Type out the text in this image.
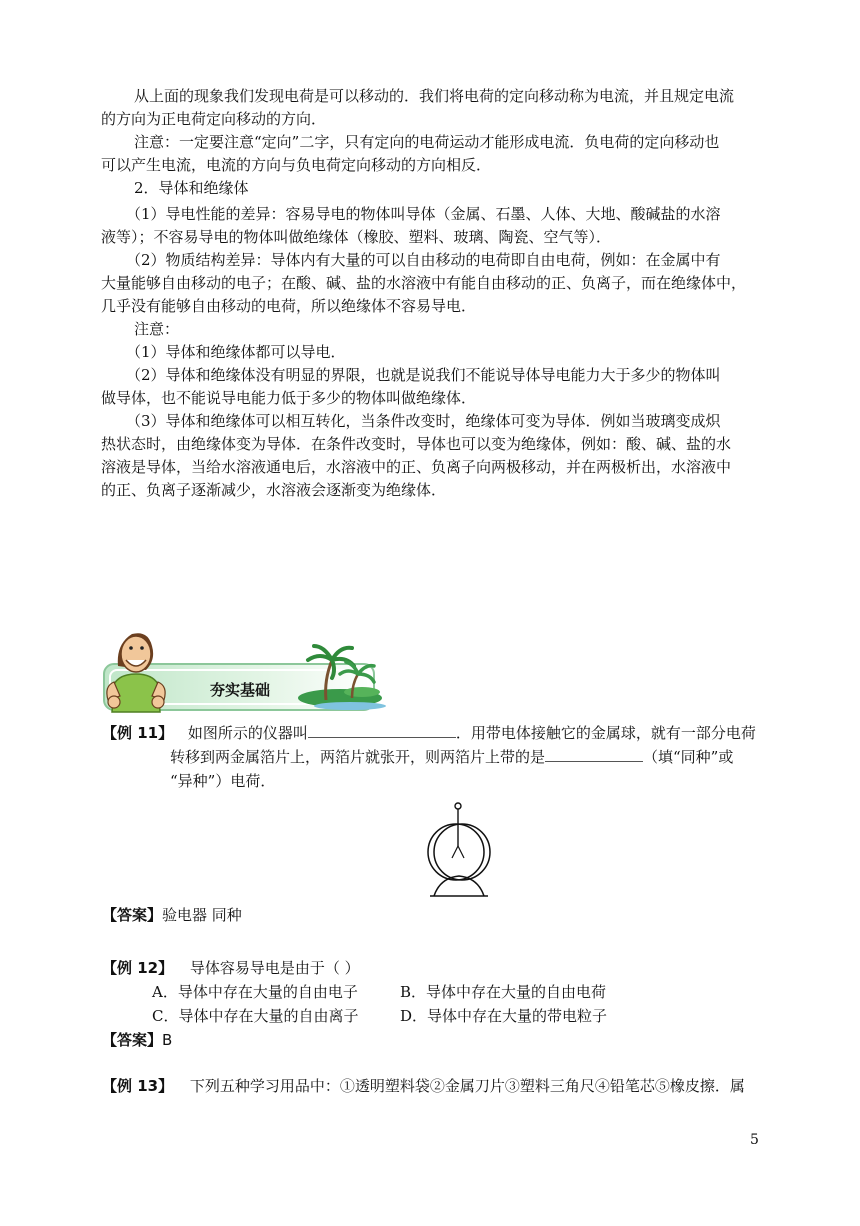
从上面的现象我们发现电荷是可以移动的．我们将电荷的定向移动称为电流，并且规定电流
的方向为正电荷定向移动的方向．
注意：一定要注意“定向”二字，只有定向的电荷运动才能形成电流．负电荷的定向移动也
可以产生电流，电流的方向与负电荷定向移动的方向相反．
2．导体和绝缘体
（1）导电性能的差异：容易导电的物体叫导体（金属、石墨、人体、大地、酸碱盐的水溶
液等）；不容易导电的物体叫做绝缘体（橡胶、塑料、玻璃、陶瓷、空气等）．
（2）物质结构差异：导体内有大量的可以自由移动的电荷即自由电荷，例如：在金属中有
大量能够自由移动的电子；在酸、碱、盐的水溶液中有能自由移动的正、负离子，而在绝缘体中，
几乎没有能够自由移动的电荷，所以绝缘体不容易导电．
注意：
（1）导体和绝缘体都可以导电．
（2）导体和绝缘体没有明显的界限，也就是说我们不能说导体导电能力大于多少的物体叫
做导体，也不能说导电能力低于多少的物体叫做绝缘体．
（3）导体和绝缘体可以相互转化，当条件改变时，绝缘体可变为导体．例如当玻璃变成炽
热状态时，由绝缘体变为导体．在条件改变时，导体也可以变为绝缘体，例如：酸、碱、盐的水
溶液是导体，当给水溶液通电后，水溶液中的正、负离子向两极移动，并在两极析出，水溶液中
的正、负离子逐渐减少，水溶液会逐渐变为绝缘体．
夯实基础
【例 11】 如图所示的仪器叫	．用带电体接触它的金属球，就有一部分电荷
转移到两金属箔片上，两箔片就张开，则两箔片上带的是	（填“同种”或
“异种”）电荷．
【答案】验电器 同种
【例 12】 导体容易导电是由于（ ）
A．导体中存在大量的自由电子	B．导体中存在大量的自由电荷
C．导体中存在大量的自由离子	D．导体中存在大量的带电粒子
【答案】B
【例 13】 下列五种学习用品中：①透明塑料袋②金属刀片③塑料三角尺④铅笔芯⑤橡皮擦．属
5
